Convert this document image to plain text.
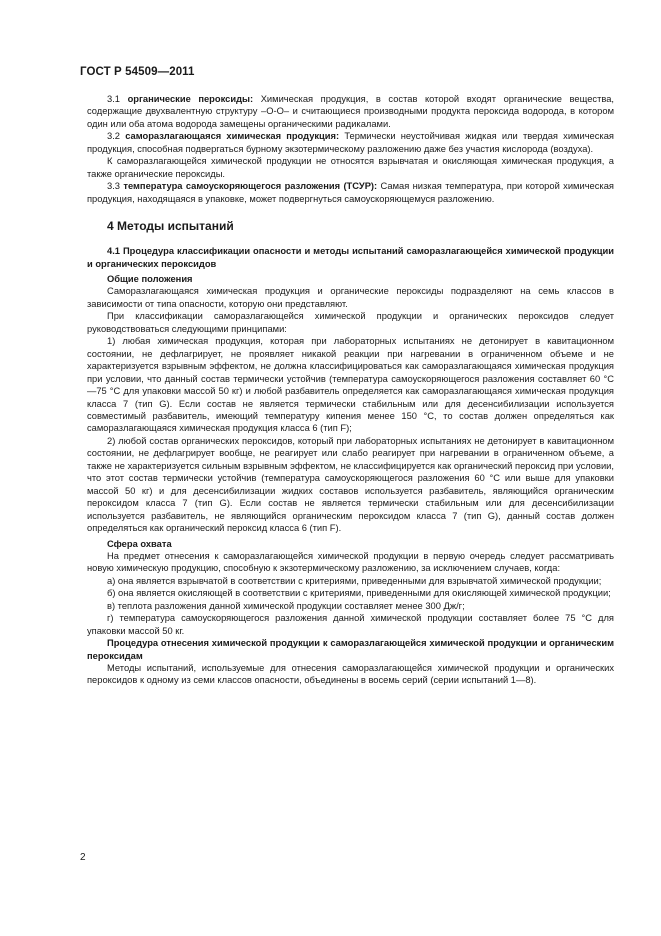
ГОСТ Р 54509—2011

3.1 органические пероксиды: Химическая продукция, в состав которой входят органические вещества, содержащие двухвалентную структуру –О-О– и считающиеся производными продукта пероксида водорода, в котором один или оба атома водорода замещены органическими радикалами.

3.2 саморазлагающаяся химическая продукция: Термически неустойчивая жидкая или твердая химическая продукция, способная подвергаться бурному экзотермическому разложению даже без участия кислорода (воздуха).

К саморазлагающейся химической продукции не относятся взрывчатая и окисляющая химическая продукция, а также органические пероксиды.

3.3 температура самоускоряющегося разложения (ТСУР): Самая низкая температура, при которой химическая продукция, находящаяся в упаковке, может подвергнуться самоускоряющемуся разложению.

4 Методы испытаний

4.1 Процедура классификации опасности и методы испытаний саморазлагающейся химической продукции и органических пероксидов

Общие положения

Саморазлагающаяся химическая продукция и органические пероксиды подразделяют на семь классов в зависимости от типа опасности, которую они представляют.

При классификации саморазлагающейся химической продукции и органических пероксидов следует руководствоваться следующими принципами:

1) любая химическая продукция, которая при лабораторных испытаниях не детонирует в кавитационном состоянии, не дефлагрирует, не проявляет никакой реакции при нагревании в ограниченном объеме и не характеризуется взрывным эффектом, не должна классифицироваться как саморазлагающаяся химическая продукция при условии, что данный состав термически устойчив (температура самоускоряющегося разложения составляет 60 °С—75 °С для упаковки массой 50 кг) и любой разбавитель определяется как саморазлагающаяся химическая продукция класса 7 (тип G). Если состав не является термически стабильным или для десенсибилизации используется совместимый разбавитель, имеющий температуру кипения менее 150 °С, то состав должен определяться как саморазлагающаяся химическая продукция класса 6 (тип F);

2) любой состав органических пероксидов, который при лабораторных испытаниях не детонирует в кавитационном состоянии, не дефлагрирует вообще, не реагирует или слабо реагирует при нагревании в ограниченном объеме, а также не характеризуется сильным взрывным эффектом, не классифицируется как органический пероксид при условии, что этот состав термически устойчив (температура самоускоряющегося разложения 60 °С или выше для упаковки массой 50 кг) и для десенсибилизации жидких составов используется разбавитель, являющийся органическим пероксидом класса 7 (тип G). Если состав не является термически стабильным или для десенсибилизации используется разбавитель, не являющийся органическим пероксидом класса 7 (тип G), данный состав должен определяться как органический пероксид класса 6 (тип F).

Сфера охвата

На предмет отнесения к саморазлагающейся химической продукции в первую очередь следует рассматривать новую химическую продукцию, способную к экзотермическому разложению, за исключением случаев, когда:

а) она является взрывчатой в соответствии с критериями, приведенными для взрывчатой химической продукции;

б) она является окисляющей в соответствии с критериями, приведенными для окисляющей химической продукции;

в) теплота разложения данной химической продукции составляет менее 300 Дж/г;

г) температура самоускоряющегося разложения данной химической продукции составляет более 75 °С для упаковки массой 50 кг.

Процедура отнесения химической продукции к саморазлагающейся химической продукции и органическим пероксидам

Методы испытаний, используемые для отнесения саморазлагающейся химической продукции и органических пероксидов к одному из семи классов опасности, объединены в восемь серий (серии испытаний 1—8).

2
